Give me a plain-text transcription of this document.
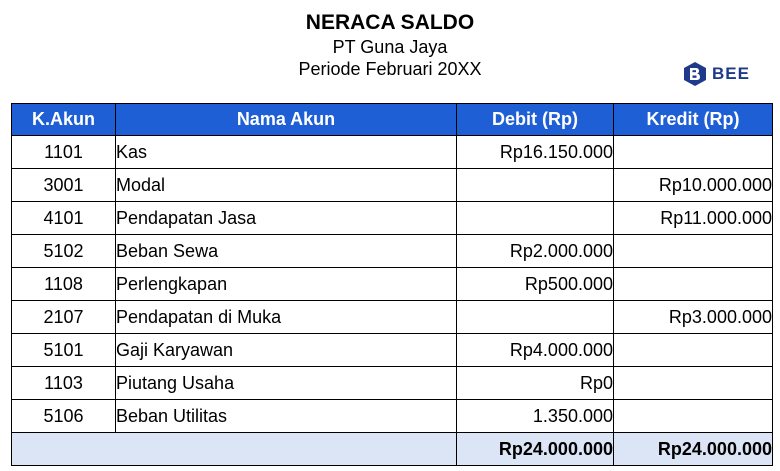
NERACA SALDO
PT Guna Jaya
Periode Februari 20XX	BEE
K.Akun	Nama Akun	Debit (Rp)	Kredit (Rp)
1101	Kas	Rp16.150.000	
3001	Modal		Rp10.000.000
4101	Pendapatan Jasa		Rp11.000.000
5102	Beban Sewa	Rp2.000.000	
1108	Perlengkapan	Rp500.000	
2107	Pendapatan di Muka		Rp3.000.000
5101	Gaji Karyawan	Rp4.000.000	
1103	Piutang Usaha	Rp0	
5106	Beban Utilitas	1.350.000	
		Rp24.000.000	Rp24.000.000
